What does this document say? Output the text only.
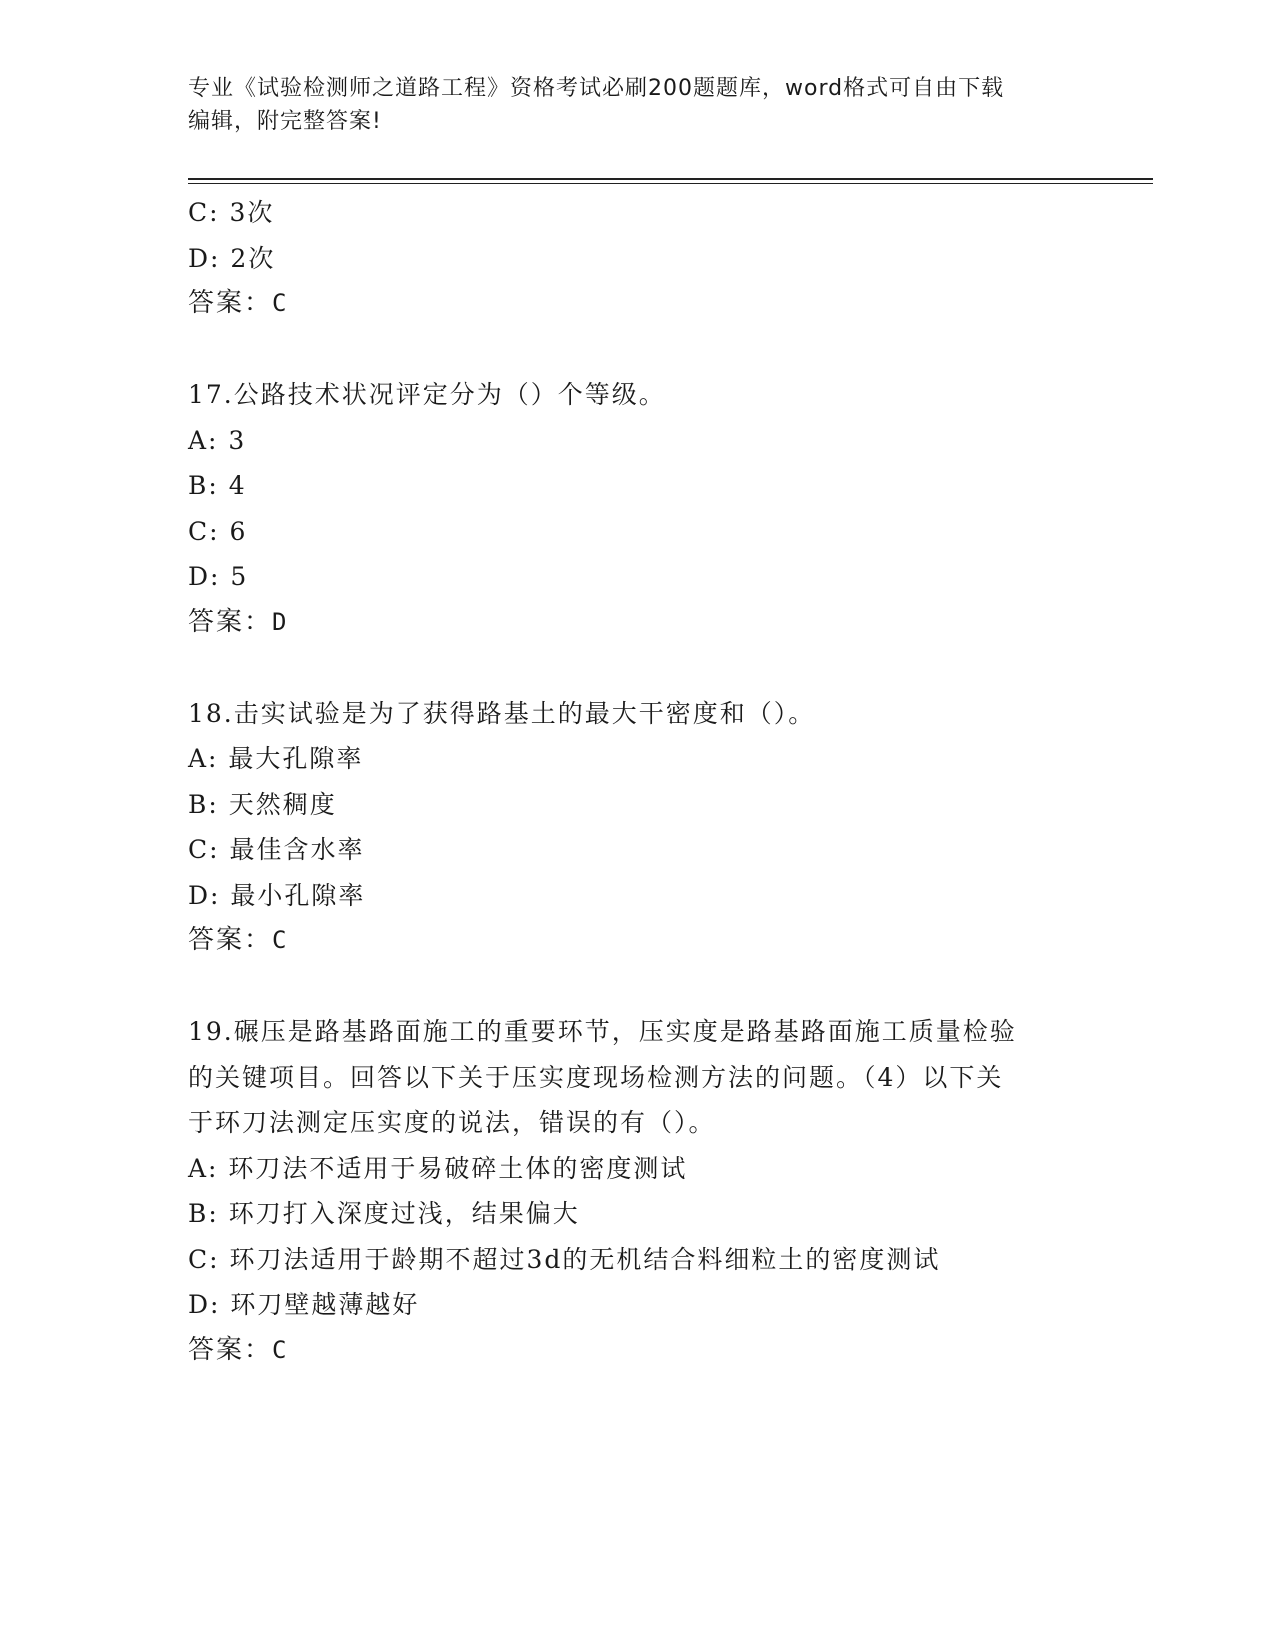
专业《试验检测师之道路工程》资格考试必刷200题题库，word格式可自由下载
编辑，附完整答案!
C: 3次
D: 2次
答案：C
17.公路技术状况评定分为（）个等级。
A: 3
B: 4
C: 6
D: 5
答案：D
18.击实试验是为了获得路基土的最大干密度和（）。
A: 最大孔隙率
B: 天然稠度
C: 最佳含水率
D: 最小孔隙率
答案：C
19.碾压是路基路面施工的重要环节，压实度是路基路面施工质量检验
的关键项目。回答以下关于压实度现场检测方法的问题。（4）以下关
于环刀法测定压实度的说法，错误的有（）。
A: 环刀法不适用于易破碎土体的密度测试
B: 环刀打入深度过浅，结果偏大
C: 环刀法适用于龄期不超过3d的无机结合料细粒土的密度测试
D: 环刀壁越薄越好
答案：C
